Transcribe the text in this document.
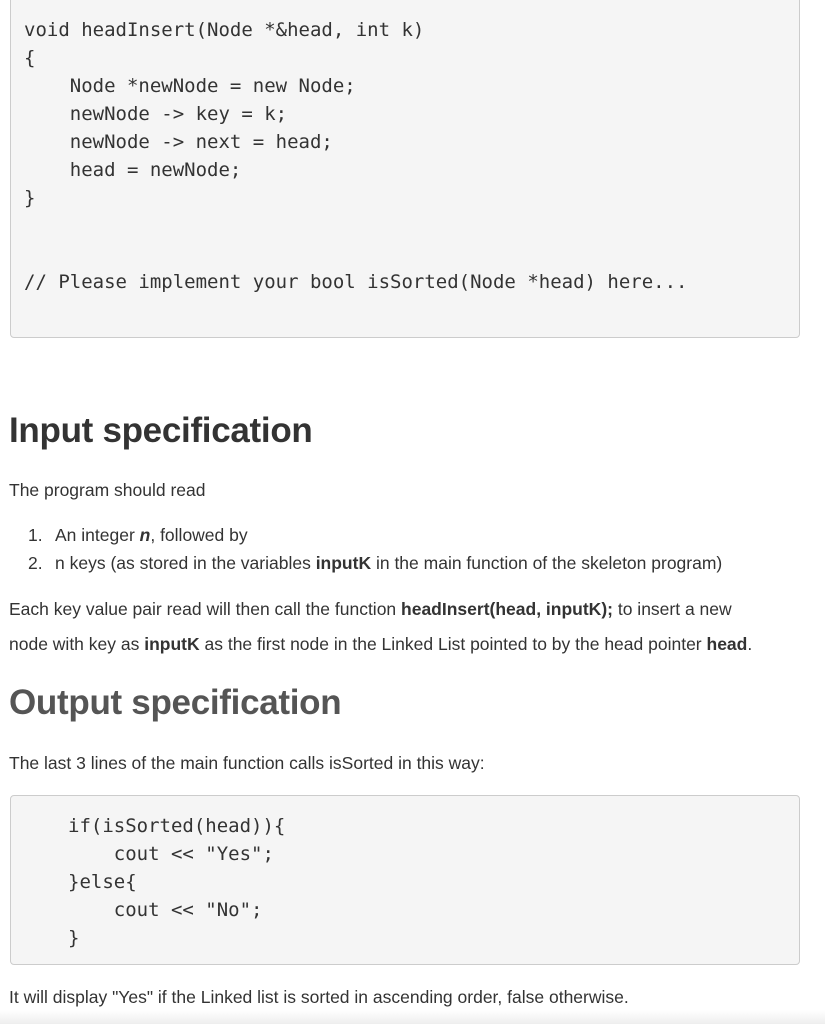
void headInsert(Node *&head, int k)
{
Node *newNode = new Node;
newNode -> key = k;
newNode -> next = head;
head = newNode;
}
// Please implement your bool isSorted(Node *head) here...
Input specification
The program should read
1. An integer n, followed by
2. n keys (as stored in the variables inputK in the main function of the skeleton program)
Each key value pair read will then call the function headInsert(head, inputK); to insert a new
node with key as inputK as the first node in the Linked List pointed to by the head pointer head.
Output specification
The last 3 lines of the main function calls isSorted in this way:
if(isSorted(head)){
cout << "Yes";
}else{
cout << "No";
}
It will display "Yes" if the Linked list is sorted in ascending order, false otherwise.
